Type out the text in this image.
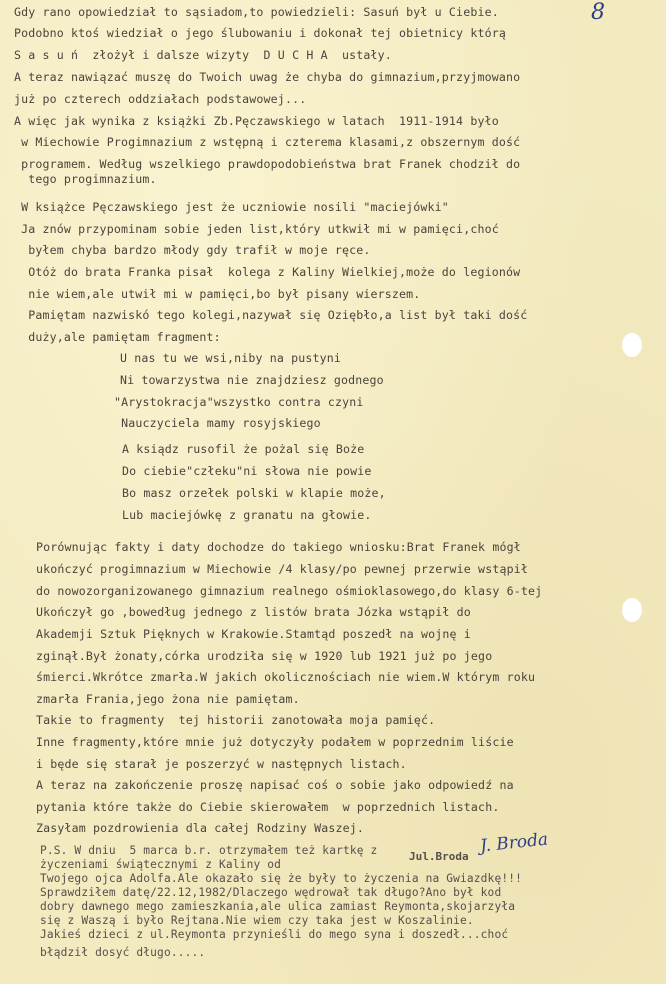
8
Gdy rano opowiedział to sąsiadom,to powiedzieli: Sasuń był u Ciebie.
Podobno ktoś wiedział o jego ślubowaniu i dokonał tej obietnicy którą
S a s u ń  złożył i dalsze wizyty  D U C H A  ustały.
A teraz nawiązać muszę do Twoich uwag że chyba do gimnazium,przyjmowano
już po czterech oddziałach podstawowej...
A więc jak wynika z książki Zb.Pęczawskiego w latach  1911-1914 było
w Miechowie Progimnazium z wstępną i czterema klasami,z obszernym dość
programem. Według wszelkiego prawdopodobieństwa brat Franek chodził do
tego progimnazium.
W książce Pęczawskiego jest że uczniowie nosili "maciejówki"
Ja znów przypominam sobie jeden list,który utkwił mi w pamięci,choć
byłem chyba bardzo młody gdy trafił w moje ręce.
Otóż do brata Franka pisał  kolega z Kaliny Wielkiej,może do legionów
nie wiem,ale utwił mi w pamięci,bo był pisany wierszem.
Pamiętam nazwiskó tego kolegi,nazywał się Oziębło,a list był taki dość
duży,ale pamiętam fragment:
U nas tu we wsi,niby na pustyni
Ni towarzystwa nie znajdziesz godnego
"Arystokracja"wszystko contra czyni
Nauczyciela mamy rosyjskiego
A ksiądz rusofil że pożal się Boże
Do ciebie"człeku"ni słowa nie powie
Bo masz orzełek polski w klapie może,
Lub maciejówkę z granatu na głowie.
Porównując fakty i daty dochodze do takiego wniosku:Brat Franek mógł
ukończyć progimnazium w Miechowie /4 klasy/po pewnej przerwie wstąpił
do nowozorganizowanego gimnazium realnego ośmioklasowego,do klasy 6-tej
Ukończył go ,bowedług jednego z listów brata Józka wstąpił do
Akademji Sztuk Pięknych w Krakowie.Stamtąd poszedł na wojnę i
zginął.Był żonaty,córka urodziła się w 1920 lub 1921 już po jego
śmierci.Wkrótce zmarła.W jakich okolicznościach nie wiem.W którym roku
zmarła Frania,jego żona nie pamiętam.
Takie to fragmenty  tej historii zanotowała moja pamięć.
Inne fragmenty,które mnie już dotyczyły podałem w poprzednim liście
i będe się starał je poszerzyć w następnych listach.
A teraz na zakończenie proszę napisać coś o sobie jako odpowiedź na
pytania które także do Ciebie skierowałem  w poprzednich listach.
Zasyłam pozdrowienia dla całej Rodziny Waszej.
J. Broda
Jul.Broda
P.S. W dniu  5 marca b.r. otrzymałem też kartkę z
życzeniami świątecznymi z Kaliny od
Twojego ojca Adolfa.Ale okazało się że były to życzenia na Gwiazdkę!!!
Sprawdziłem datę/22.12,1982/Dlaczego wędrował tak długo?Ano był kod
dobry dawnego mego zamieszkania,ale ulica zamiast Reymonta,skojarzyła
się z Waszą i było Rejtana.Nie wiem czy taka jest w Koszalinie.
Jakieś dzieci z ul.Reymonta przynieśli do mego syna i doszedł...choć
błądził dosyć długo.....
